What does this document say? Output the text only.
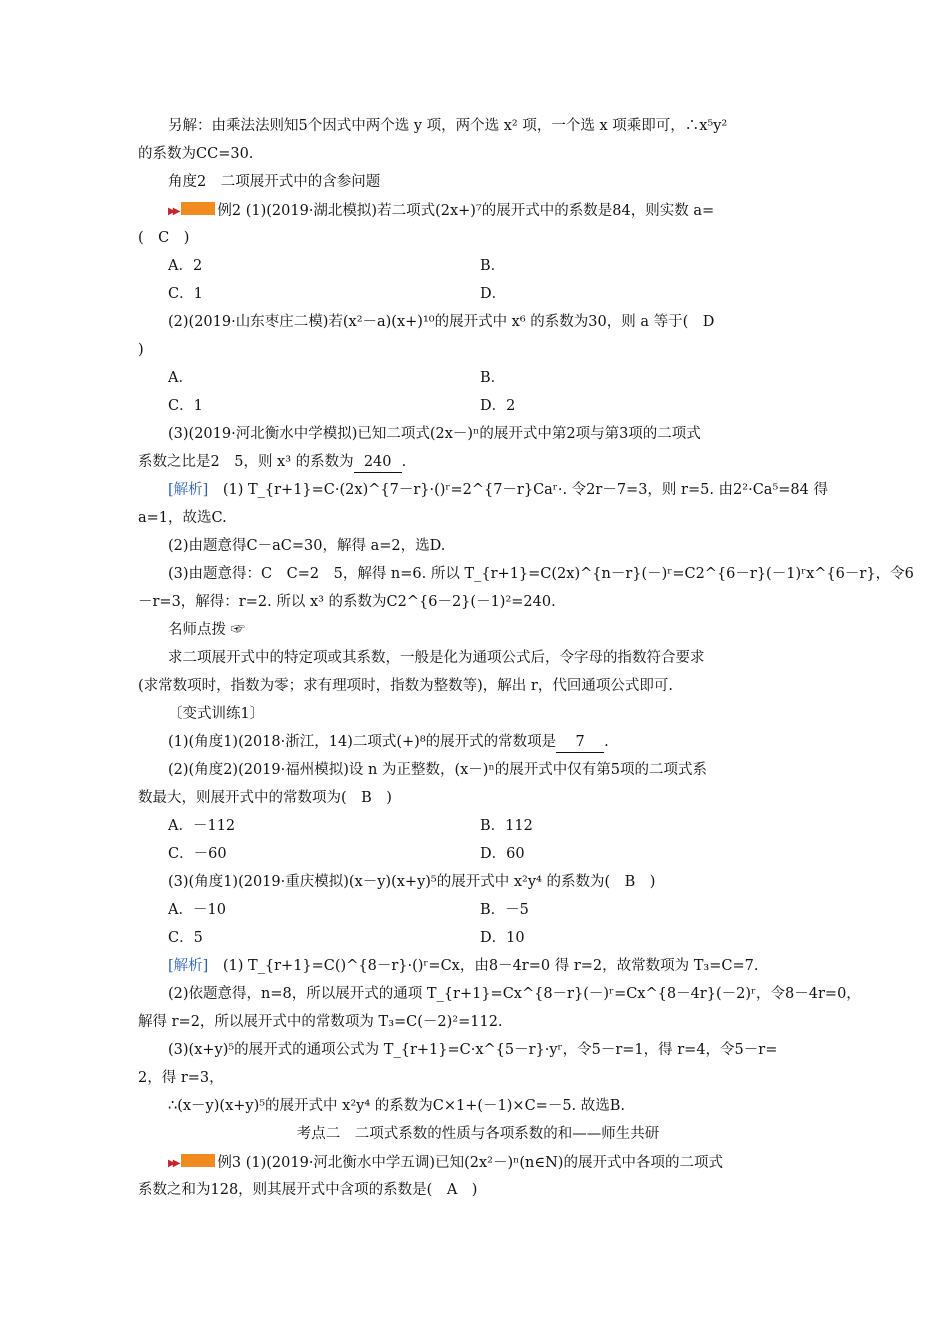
另解：由乘法法则知5个因式中两个选 y 项，两个选 x² 项，一个选 x 项乘即可，∴x⁵y²
的系数为CC=30.
角度2　二项展开式中的含参问题
▶▶	例2 (1)(2019·湖北模拟)若二项式(2x+)⁷的展开式中的系数是84，则实数 a=
(　C　)
A．2	B．
C．1	D．
(2)(2019·山东枣庄二模)若(x²－a)(x+)¹⁰的展开式中 x⁶ 的系数为30，则 a 等于(　D
)
A．	B．
C．1	D．2
(3)(2019·河北衡水中学模拟)已知二项式(2x－)ⁿ的展开式中第2项与第3项的二项式
系数之比是2　5，则 x³ 的系数为 240 .
[解析]　(1) T_{r+1}=C·(2x)^{7－r}·()ʳ=2^{7－r}Caʳ·. 令2r－7=3，则 r=5. 由2²·Ca⁵=84 得
a=1，故选C.
(2)由题意得C－aC=30，解得 a=2，选D.
(3)由题意得：C　C=2　5，解得 n=6. 所以 T_{r+1}=C(2x)^{n－r}(－)ʳ=C2^{6－r}(－1)ʳx^{6－r}，令6
－r=3，解得：r=2. 所以 x³ 的系数为C2^{6－2}(－1)²=240.
名师点拨 ☞
求二项展开式中的特定项或其系数，一般是化为通项公式后，令字母的指数符合要求
(求常数项时，指数为零；求有理项时，指数为整数等)，解出 r，代回通项公式即可.
〔变式训练1〕
(1)(角度1)(2018·浙江，14)二项式(+)⁸的展开式的常数项是 7 .
(2)(角度2)(2019·福州模拟)设 n 为正整数，(x－)ⁿ的展开式中仅有第5项的二项式系
数最大，则展开式中的常数项为(　B　)
A．－112	B．112
C．－60	D．60
(3)(角度1)(2019·重庆模拟)(x－y)(x+y)⁵的展开式中 x²y⁴ 的系数为(　B　)
A．－10	B．－5
C．5	D．10
[解析]　(1) T_{r+1}=C()^{8－r}·()ʳ=Cx，由8－4r=0 得 r=2，故常数项为 T₃=C=7.
(2)依题意得，n=8，所以展开式的通项 T_{r+1}=Cx^{8－r}(－)ʳ=Cx^{8－4r}(－2)ʳ，令8－4r=0，
解得 r=2，所以展开式中的常数项为 T₃=C(－2)²=112.
(3)(x+y)⁵的展开式的通项公式为 T_{r+1}=C·x^{5－r}·yʳ，令5－r=1，得 r=4，令5－r=
2，得 r=3，
∴(x－y)(x+y)⁵的展开式中 x²y⁴ 的系数为C×1+(－1)×C=－5. 故选B.
考点二　二项式系数的性质与各项系数的和——师生共研
▶▶	例3 (1)(2019·河北衡水中学五调)已知(2x²－)ⁿ(n∈N)的展开式中各项的二项式
系数之和为128，则其展开式中含项的系数是(　A　)
